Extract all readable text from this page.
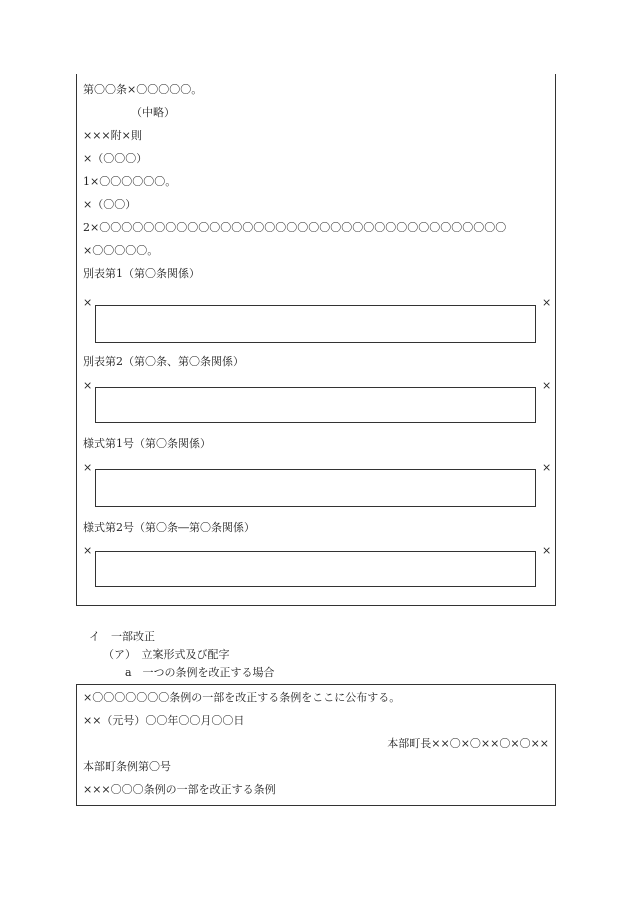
第〇〇条×〇〇〇〇〇。
（中略）
×××附×則
×（〇〇〇）
1×〇〇〇〇〇〇。
×（〇〇）
2×〇〇〇〇〇〇〇〇〇〇〇〇〇〇〇〇〇〇〇〇〇〇〇〇〇〇〇〇〇〇〇〇〇〇〇〇〇
×〇〇〇〇〇。
別表第1（第〇条関係）
×	×
別表第2（第〇条、第〇条関係）
×	×
様式第1号（第〇条関係）
×	×
様式第2号（第〇条―第〇条関係）
×	×
イ　一部改正
（ア）　立案形式及び配字
a　一つの条例を改正する場合
×〇〇〇〇〇〇〇条例の一部を改正する条例をここに公布する。
××（元号）〇〇年〇〇月〇〇日
本部町長××〇×〇××〇×〇××
本部町条例第〇号
×××〇〇〇条例の一部を改正する条例
